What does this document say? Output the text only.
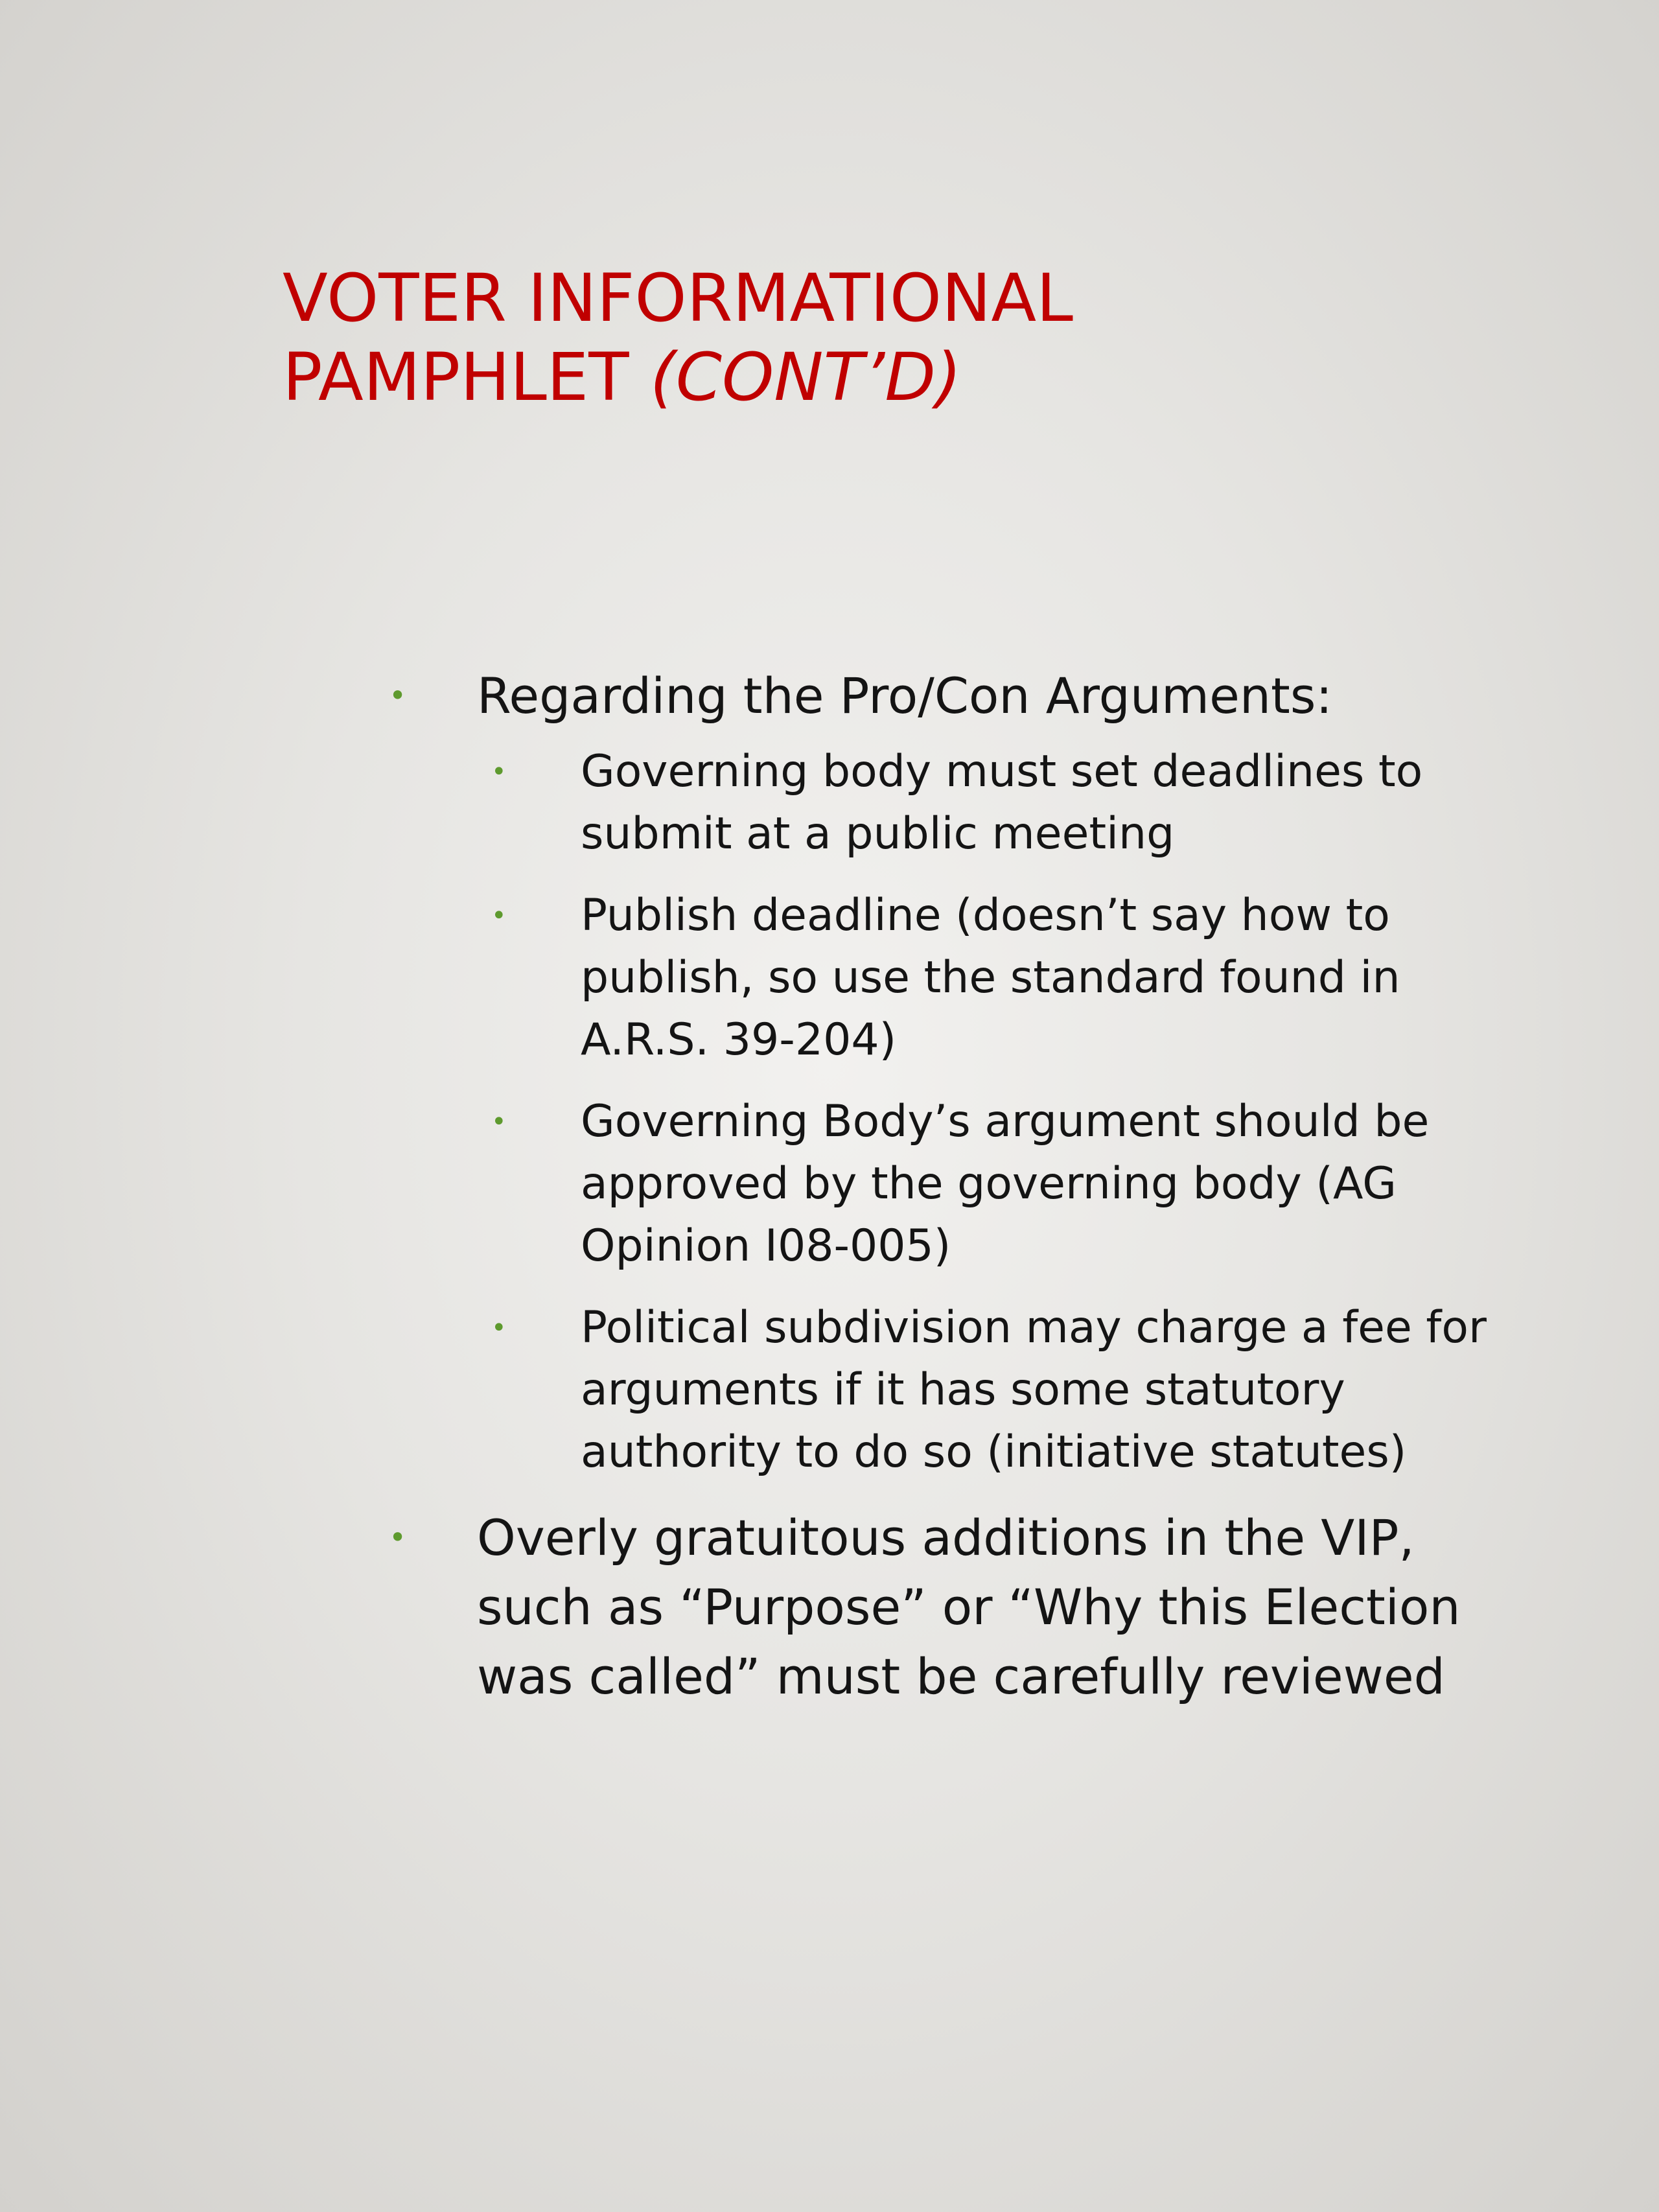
VOTER INFORMATIONAL
PAMPHLET (CONT’D)
• Regarding the Pro/Con Arguments:
• Governing body must set deadlines to submit at a public meeting
• Publish deadline (doesn’t say how to publish, so use the standard found in A.R.S. 39-204)
• Governing Body’s argument should be approved by the governing body (AG Opinion I08-005)
• Political subdivision may charge a fee for arguments if it has some statutory authority to do so (initiative statutes)
• Overly gratuitous additions in the VIP, such as “Purpose” or “Why this Election was called” must be carefully reviewed
